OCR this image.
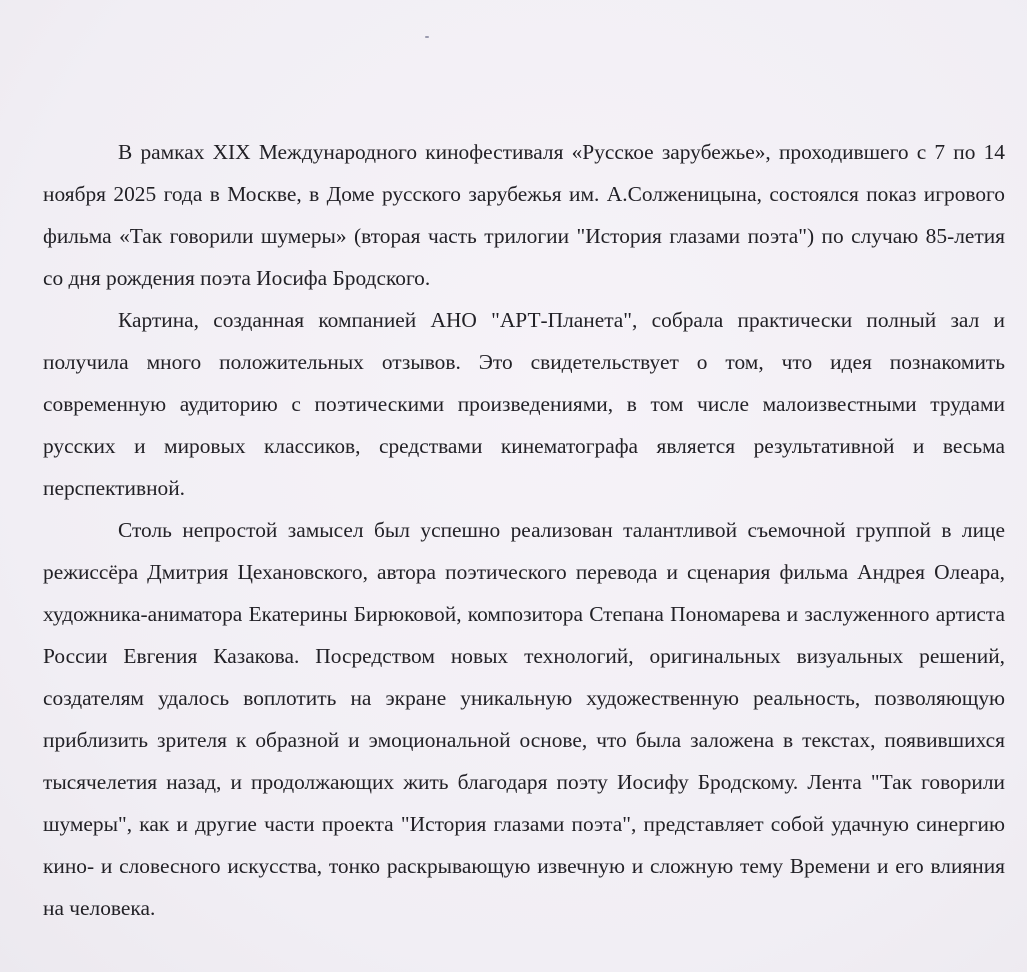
В рамках XIX Международного кинофестиваля «Русское зарубежье», проходившего с 7 по 14 ноября 2025 года в Москве, в Доме русского зарубежья им. А.Солженицына, состоялся показ игрового фильма «Так говорили шумеры» (вторая часть трилогии "История глазами поэта") по случаю 85-летия со дня рождения поэта Иосифа Бродского.

Картина, созданная компанией АНО "АРТ-Планета", собрала практически полный зал и получила много положительных отзывов. Это свидетельствует о том, что идея познакомить современную аудиторию с поэтическими произведениями, в том числе малоизвестными трудами русских и мировых классиков, средствами кинематографа является результативной и весьма перспективной.

Столь непростой замысел был успешно реализован талантливой съемочной группой в лице режиссёра Дмитрия Цехановского, автора поэтического перевода и сценария фильма Андрея Олеара, художника-аниматора Екатерины Бирюковой, композитора Степана Пономарева и заслуженного артиста России Евгения Казакова. Посредством новых технологий, оригинальных визуальных решений, создателям удалось воплотить на экране уникальную художественную реальность, позволяющую приблизить зрителя к образной и эмоциональной основе, что была заложена в текстах, появившихся тысячелетия назад, и продолжающих жить благодаря поэту Иосифу Бродскому. Лента "Так говорили шумеры", как и другие части проекта "История глазами поэта", представляет собой удачную синергию кино- и словесного искусства, тонко раскрывающую извечную и сложную тему Времени и его влияния на человека.
